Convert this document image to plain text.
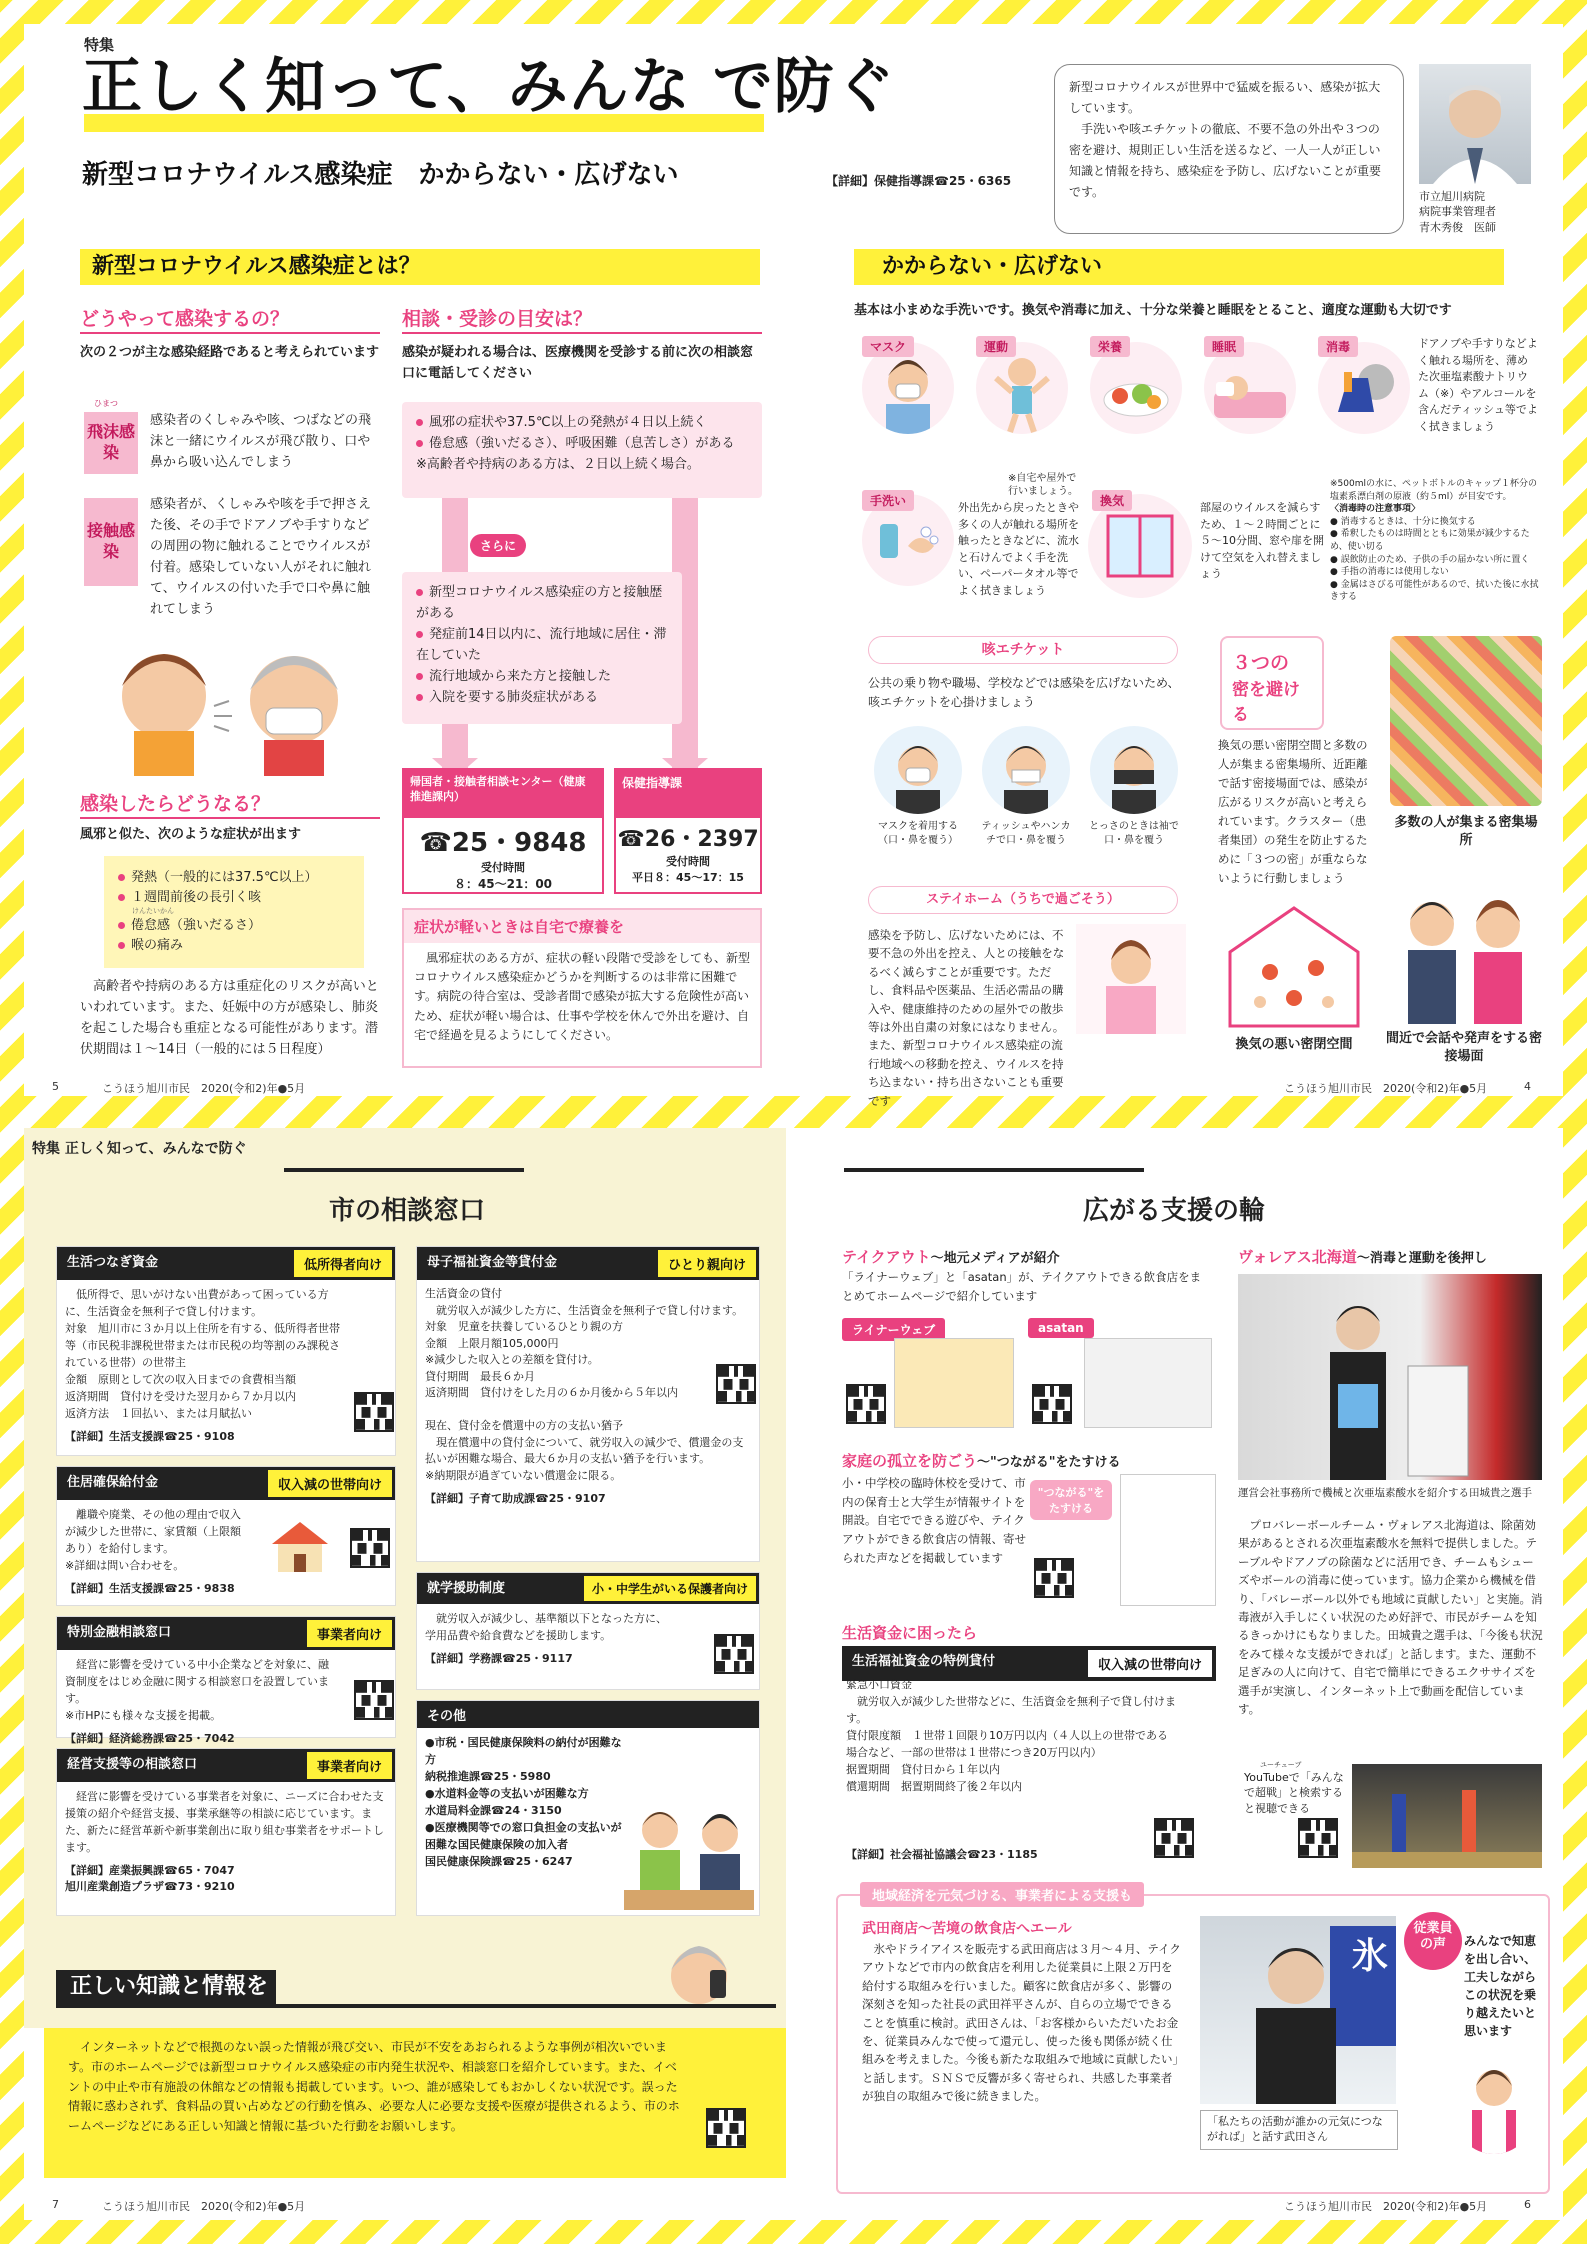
特集
正しく知って、みんな で防ぐ
新型コロナウイルス感染症　かからない・広げない	【詳細】保健指導課☎25・6365
新型コロナウイルスが世界中で猛威を振るい、感染が拡大しています。
　手洗いや咳エチケットの徹底、不要不急の外出や３つの密を避け、規則正しい生活を送るなど、一人一人が正しい知識と情報を持ち、感染症を予防し、広げないことが重要です。	市立旭川病院
病院事業管理者
青木秀俊　医師
新型コロナウイルス感染症とは？
どうやって感染するの？
次の２つが主な感染経路であると考えられています
飛沫感染
ひまつ
感染者のくしゃみや咳、つばなどの飛沫と一緒にウイルスが飛び散り、口や鼻から吸い込んでしまう
接触感染
感染者が、くしゃみや咳を手で押さえた後、その手でドアノブや手すりなどの周囲の物に触れることでウイルスが付着。感染していない人がそれに触れて、ウイルスの付いた手で口や鼻に触れてしまう
感染したらどうなる？
風邪と似た、次のような症状が出ます
発熱（一般的には37.5℃以上）
１週間前後の長引く咳
けんたいかん
倦怠感（強いだるさ）
喉の痛み
　高齢者や持病のある方は重症化のリスクが高いといわれています。また、妊娠中の方が感染し、肺炎を起こした場合も重症となる可能性があります。潜伏期間は１～14日（一般的には５日程度）
相談・受診の目安は？
感染が疑われる場合は、医療機関を受診する前に次の相談窓口に電話してください
風邪の症状や37.5℃以上の発熱が４日以上続く
倦怠感（強いだるさ）、呼吸困難（息苦しさ）がある
※高齢者や持病のある方は、２日以上続く場合。
さらに
新型コロナウイルス感染症の方と接触歴がある
発症前14日以内に、流行地域に居住・滞在していた
流行地域から来た方と接触した
入院を要する肺炎症状がある
帰国者・接触者相談センター（健康推進課内）
☎25・9848
受付時間
８：45～21：00
保健指導課
☎26・2397
受付時間
平日８：45～17：15
症状が軽いときは自宅で療養を
　風邪症状のある方が、症状の軽い段階で受診をしても、新型コロナウイルス感染症かどうかを判断するのは非常に困難です。病院の待合室は、受診者間で感染が拡大する危険性が高いため、症状が軽い場合は、仕事や学校を休んで外出を避け、自宅で経過を見るようにしてください。
かからない・広げない
基本は小まめな手洗いです。換気や消毒に加え、十分な栄養と睡眠をとること、適度な運動も大切です
マスク	運動
※自宅や屋外で行いましょう。
栄養	睡眠	消毒	ドアノブや手すりなどよく触れる場所を、薄めた次亜塩素酸ナトリウム（※）やアルコールを含んだティッシュ等でよく拭きましょう
手洗い	外出先から戻ったときや多くの人が触れる場所を触ったときなどに、流水と石けんでよく手を洗い、ペーパータオル等でよく拭きましょう
換気	部屋のウイルスを減らすため、１～２時間ごとに５～10分間、窓や扉を開けて空気を入れ替えましょう
※500mlの水に、ペットボトルのキャップ１杯分の塩素系漂白剤の原液（約５ml）が目安です。
〈消毒時の注意事項〉
● 消毒するときは、十分に換気する
● 希釈したものは時間とともに効果が減少するため、使い切る
● 誤飲防止のため、子供の手の届かない所に置く
● 手指の消毒には使用しない
● 金属はさびる可能性があるので、拭いた後に水拭きする
咳エチケット
公共の乗り物や職場、学校などでは感染を広げないため、咳エチケットを心掛けましょう
マスクを着用する（口・鼻を覆う）
ティッシュやハンカチで口・鼻を覆う
とっさのときは袖で口・鼻を覆う
ステイホーム（うちで過ごそう）
感染を予防し、広げないためには、不要不急の外出を控え、人との接触をなるべく減らすことが重要です。ただし、食料品や医薬品、生活必需品の購入や、健康維持のための屋外での散歩等は外出自粛の対象にはなりません。また、新型コロナウイルス感染症の流行地域への移動を控え、ウイルスを持ち込まない・持ち出さないことも重要です
３つの
密を避ける
換気の悪い密閉空間と多数の人が集まる密集場所、近距離で話す密接場面では、感染が広がるリスクが高いと考えられています。クラスター（患者集団）の発生を防止するために「３つの密」が重ならないように行動しましょう
多数の人が集まる密集場所
換気の悪い密閉空間	間近で会話や発声をする密接場面
5	こうほう旭川市民　2020(令和2)年●5月	こうほう旭川市民　2020(令和2)年●5月	4
特集 正しく知って、みんなで防ぐ
市の相談窓口
生活つなぎ資金	低所得者向け
　低所得で、思いがけない出費があって困っている方に、生活資金を無利子で貸し付けます。
対象　旭川市に３か月以上住所を有する、低所得者世帯等（市民税非課税世帯または市民税の均等割のみ課税されている世帯）の世帯主
金額　原則として次の収入日までの食費相当額
返済期間　貸付けを受けた翌月から７か月以内
返済方法　１回払い、または月賦払い
【詳細】生活支援課☎25・9108
住居確保給付金	収入減の世帯向け
　離職や廃業、その他の理由で収入が減少した世帯に、家賃額（上限額あり）を給付します。
※詳細は問い合わせを。
【詳細】生活支援課☎25・9838
特別金融相談窓口	事業者向け
　経営に影響を受けている中小企業などを対象に、融資制度をはじめ金融に関する相談窓口を設置しています。
※市HPにも様々な支援を掲載。
【詳細】経済総務課☎25・7042
経営支援等の相談窓口	事業者向け
　経営に影響を受けている事業者を対象に、ニーズに合わせた支援策の紹介や経営支援、事業承継等の相談に応じています。また、新たに経営革新や新事業創出に取り組む事業者をサポートします。
【詳細】産業振興課☎65・7047
旭川産業創造プラザ☎73・9210
母子福祉資金等貸付金	ひとり親向け
生活資金の貸付
　就労収入が減少した方に、生活資金を無利子で貸し付けます。
対象　児童を扶養しているひとり親の方
金額　上限月額105,000円
※減少した収入との差額を貸付け。
貸付期間　最長６か月
返済期間　貸付けをした月の６か月後から５年以内

現在、貸付金を償還中の方の支払い猶予
　現在償還中の貸付金について、就労収入の減少で、償還金の支払いが困難な場合、最大６か月の支払い猶予を行います。
※納期限が過ぎていない償還金に限る。
【詳細】子育て助成課☎25・9107
就学援助制度	小・中学生がいる保護者向け
　就労収入が減少し、基準額以下となった方に、学用品費や給食費などを援助します。
【詳細】学務課☎25・9117
その他
●市税・国民健康保険料の納付が困難な方
納税推進課☎25・5980
●水道料金等の支払いが困難な方
水道局料金課☎24・3150
●医療機関等での窓口負担金の支払いが困難な国民健康保険の加入者
国民健康保険課☎25・6247
正しい知識と情報を
　インターネットなどで根拠のない誤った情報が飛び交い、市民が不安をあおられるような事例が相次いでいます。市のホームページでは新型コロナウイルス感染症の市内発生状況や、相談窓口を紹介しています。また、イベントの中止や市有施設の休館などの情報も掲載しています。いつ、誰が感染してもおかしくない状況です。誤った情報に惑わされず、食料品の買い占めなどの行動を慎み、必要な人に必要な支援や医療が提供されるよう、市のホームページなどにある正しい知識と情報に基づいた行動をお願いします。
広がる支援の輪
テイクアウト～地元メディアが紹介
「ライナーウェブ」と「asatan」が、テイクアウトできる飲食店をまとめてホームページで紹介しています
ライナーウェブ	asatan
家庭の孤立を防ごう～"つながる"をたすける
小・中学校の臨時休校を受けて、市内の保育士と大学生が情報サイトを開設。自宅でできる遊びや、テイクアウトができる飲食店の情報、寄せられた声などを掲載しています
"つながる"をたすける
生活資金に困ったら
生活福祉資金の特例貸付	収入減の世帯向け
緊急小口資金
　就労収入が減少した世帯などに、生活資金を無利子で貸し付けます。
貸付限度額　１世帯１回限り10万円以内（４人以上の世帯である場合など、一部の世帯は１世帯につき20万円以内）
据置期間　貸付日から１年以内
償還期間　据置期間終了後２年以内
【詳細】社会福祉協議会☎23・1185
ヴォレアス北海道～消毒と運動を後押し
運営会社事務所で機械と次亜塩素酸水を紹介する田城貴之選手
　プロバレーボールチーム・ヴォレアス北海道は、除菌効果があるとされる次亜塩素酸水を無料で提供しました。テーブルやドアノブの除菌などに活用でき、チームもシューズやボールの消毒に使っています。協力企業から機械を借り、「バレーボール以外でも地域に貢献したい」と実施。消毒液が入手しにくい状況のため好評で、市民がチームを知るきっかけにもなりました。田城貴之選手は、「今後も状況をみて様々な支援ができれば」と話します。また、運動不足ぎみの人に向けて、自宅で簡単にできるエクササイズを選手が実演し、インターネット上で動画を配信しています。
ユーチューブ
YouTubeで「みんなで超戦」と検索すると視聴できる
地域経済を元気づける、事業者による支援も
武田商店～苦境の飲食店へエール
　氷やドライアイスを販売する武田商店は３月～４月、テイクアウトなどで市内の飲食店を利用した従業員に上限２万円を給付する取組みを行いました。顧客に飲食店が多く、影響の深刻さを知った社長の武田祥平さんが、自らの立場でできることを慎重に検討。武田さんは、「お客様からいただいたお金を、従業員みんなで使って還元し、使った後も関係が続く仕組みを考えました。今後も新たな取組みで地域に貢献したい」と話します。ＳＮＳで反響が多く寄せられ、共感した事業者が独自の取組みで後に続きました。
氷
「私たちの活動が誰かの元気につながれば」と話す武田さん
従業員の声	みんなで知恵を出し合い、工夫しながらこの状況を乗り越えたいと思います
7	こうほう旭川市民　2020(令和2)年●5月	こうほう旭川市民　2020(令和2)年●5月	6
